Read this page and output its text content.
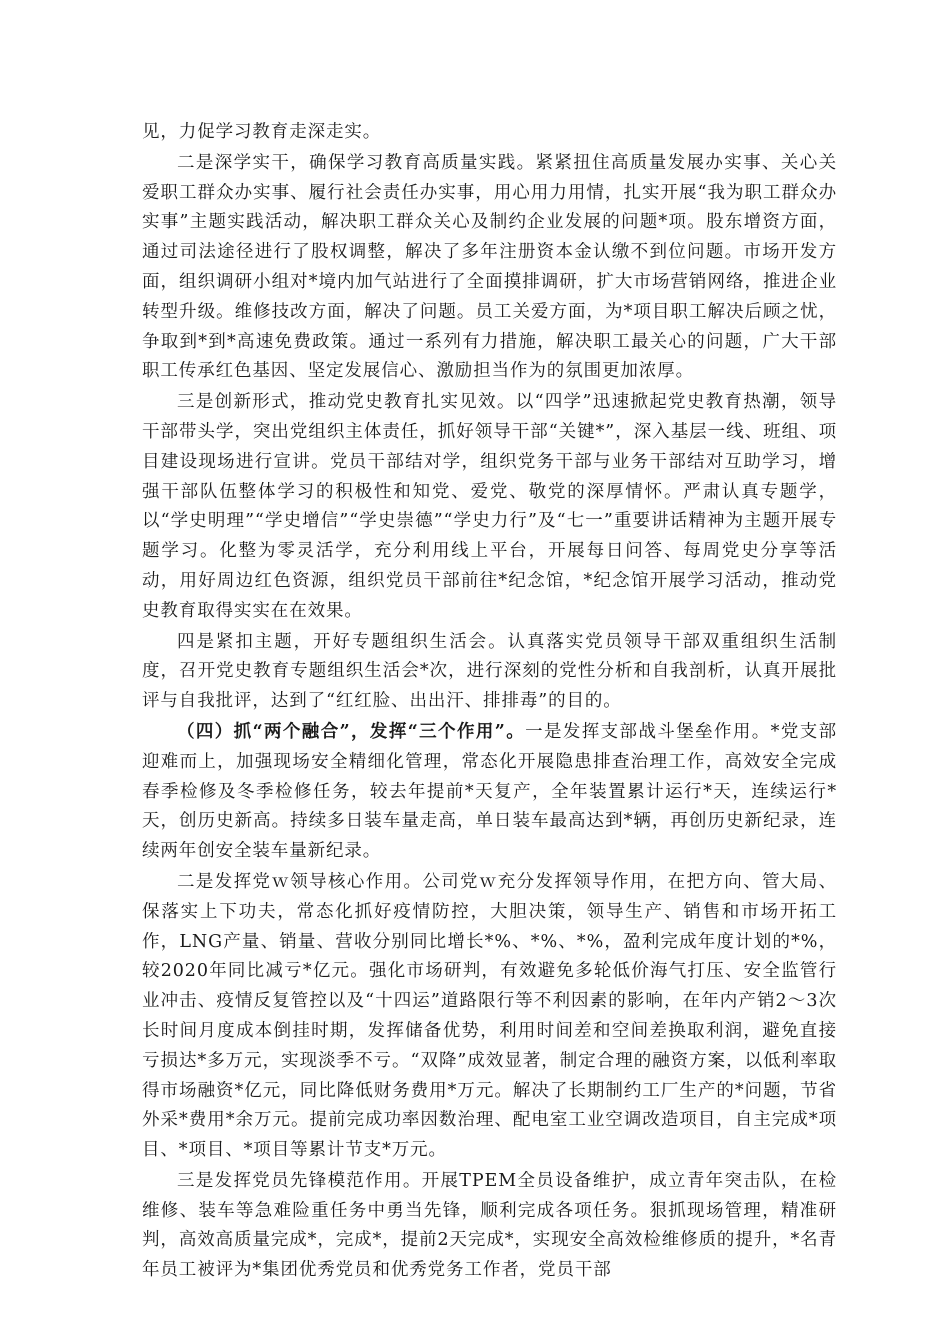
见，力促学习教育走深走实。

二是深学实干，确保学习教育高质量实践。紧紧扭住高质量发展办实事、关心关爱职工群众办实事、履行社会责任办实事，用心用力用情，扎实开展“我为职工群众办实事”主题实践活动，解决职工群众关心及制约企业发展的问题*项。股东增资方面，通过司法途径进行了股权调整，解决了多年注册资本金认缴不到位问题。市场开发方面，组织调研小组对*境内加气站进行了全面摸排调研，扩大市场营销网络，推进企业转型升级。维修技改方面，解决了问题。员工关爱方面，为*项目职工解决后顾之忧，争取到*到*高速免费政策。通过一系列有力措施，解决职工最关心的问题，广大干部职工传承红色基因、坚定发展信心、激励担当作为的氛围更加浓厚。

三是创新形式，推动党史教育扎实见效。以“四学”迅速掀起党史教育热潮，领导干部带头学，突出党组织主体责任，抓好领导干部“关键*”，深入基层一线、班组、项目建设现场进行宣讲。党员干部结对学，组织党务干部与业务干部结对互助学习，增强干部队伍整体学习的积极性和知党、爱党、敬党的深厚情怀。严肃认真专题学，以“学史明理”“学史增信”“学史崇德”“学史力行”及“七一”重要讲话精神为主题开展专题学习。化整为零灵活学，充分利用线上平台，开展每日问答、每周党史分享等活动，用好周边红色资源，组织党员干部前往*纪念馆，*纪念馆开展学习活动，推动党史教育取得实实在在效果。

四是紧扣主题，开好专题组织生活会。认真落实党员领导干部双重组织生活制度，召开党史教育专题组织生活会*次，进行深刻的党性分析和自我剖析，认真开展批评与自我批评，达到了“红红脸、出出汗、排排毒”的目的。

（四）抓“两个融合”，发挥“三个作用”。一是发挥支部战斗堡垒作用。*党支部迎难而上，加强现场安全精细化管理，常态化开展隐患排查治理工作，高效安全完成春季检修及冬季检修任务，较去年提前*天复产，全年装置累计运行*天，连续运行*天，创历史新高。持续多日装车量走高，单日装车最高达到*辆，再创历史新纪录，连续两年创安全装车量新纪录。

二是发挥党ｗ领导核心作用。公司党ｗ充分发挥领导作用，在把方向、管大局、保落实上下功夫，常态化抓好疫情防控，大胆决策，领导生产、销售和市场开拓工作，LNG产量、销量、营收分别同比增长*%、*%、*%，盈利完成年度计划的*%，较2020年同比减亏*亿元。强化市场研判，有效避免多轮低价海气打压、安全监管行业冲击、疫情反复管控以及“十四运”道路限行等不利因素的影响，在年内产销2～3次长时间月度成本倒挂时期，发挥储备优势，利用时间差和空间差换取利润，避免直接亏损达*多万元，实现淡季不亏。“双降”成效显著，制定合理的融资方案，以低利率取得市场融资*亿元，同比降低财务费用*万元。解决了长期制约工厂生产的*问题，节省外采*费用*余万元。提前完成功率因数治理、配电室工业空调改造项目，自主完成*项目、*项目、*项目等累计节支*万元。

三是发挥党员先锋模范作用。开展TPEM全员设备维护，成立青年突击队，在检维修、装车等急难险重任务中勇当先锋，顺利完成各项任务。狠抓现场管理，精准研判，高效高质量完成*，完成*，提前2天完成*，实现安全高效检维修质的提升，*名青年员工被评为*集团优秀党员和优秀党务工作者，党员干部
